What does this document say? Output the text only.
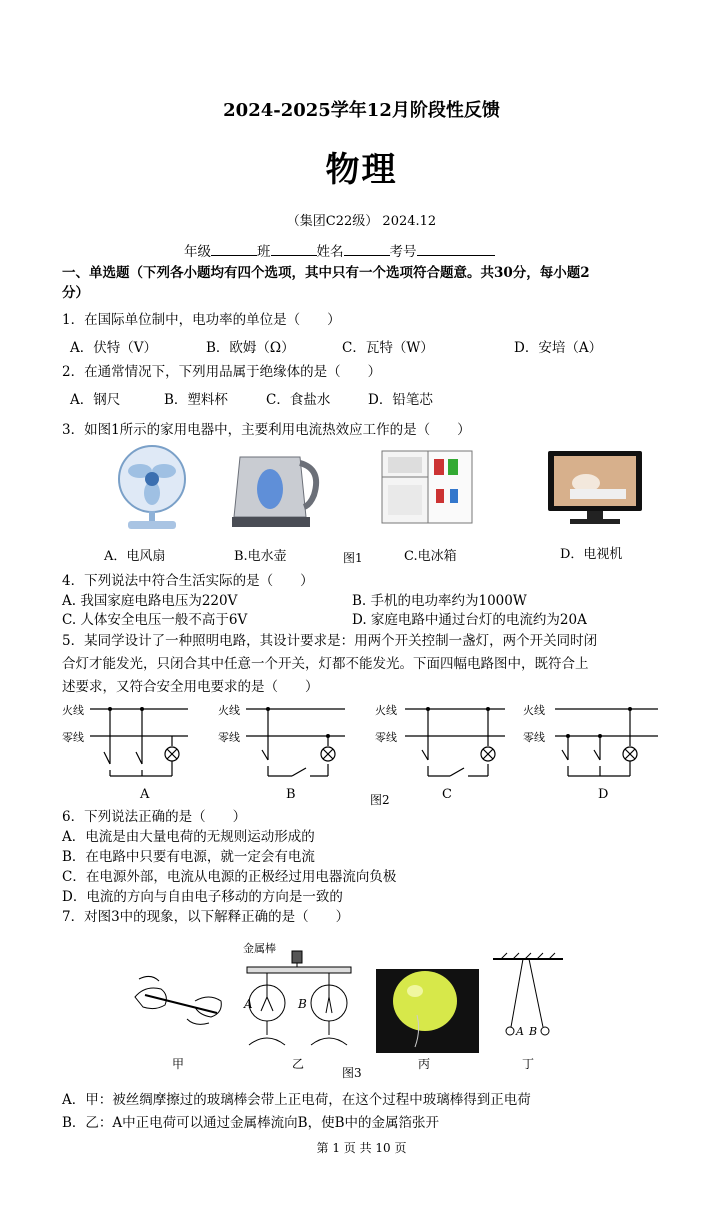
2024-2025学年12月阶段性反馈
物理
（集团C22级） 2024.12
年级	班	姓名	考号
一、单选题（下列各小题均有四个选项，其中只有一个选项符合题意。共30分，每小题2
分）
1．在国际单位制中，电功率的单位是（　　）
A．伏特（V）	B．欧姆（Ω）	C．瓦特（W）	D．安培（A）
2．在通常情况下，下列用品属于绝缘体的是（　　）
A．钢尺	B．塑料杯	C．食盐水	D．铅笔芯
3．如图1所示的家用电器中，主要利用电流热效应工作的是（　　）
A．电风扇	B.电水壶	图1	C.电冰箱	D．电视机
4．下列说法中符合生活实际的是（　　）
A. 我国家庭电路电压为220V	B. 手机的电功率约为1000W
C. 人体安全电压一般不高于6V	D. 家庭电路中通过台灯的电流约为20A
5．某同学设计了一种照明电路，其设计要求是：用两个开关控制一盏灯，两个开关同时闭
合灯才能发光，只闭合其中任意一个开关，灯都不能发光。下面四幅电路图中，既符合上
述要求，又符合安全用电要求的是（　　）
火线
零线
火线
零线
火线
零线
火线
零线
A	B	图2	C	D
6．下列说法正确的是（　　）
A．电流是由大量电荷的无规则运动形成的
B．在电路中只要有电源，就一定会有电流
C．在电源外部，电流从电源的正极经过用电器流向负极
D．电流的方向与自由电子移动的方向是一致的
7．对图3中的现象，以下解释正确的是（　　）
金属棒
A	B
A B
甲	乙	丙	丁
图3
A．甲：被丝绸摩擦过的玻璃棒会带上正电荷，在这个过程中玻璃棒得到正电荷
B．乙：A中正电荷可以通过金属棒流向B，使B中的金属箔张开
第 1 页 共 10 页
